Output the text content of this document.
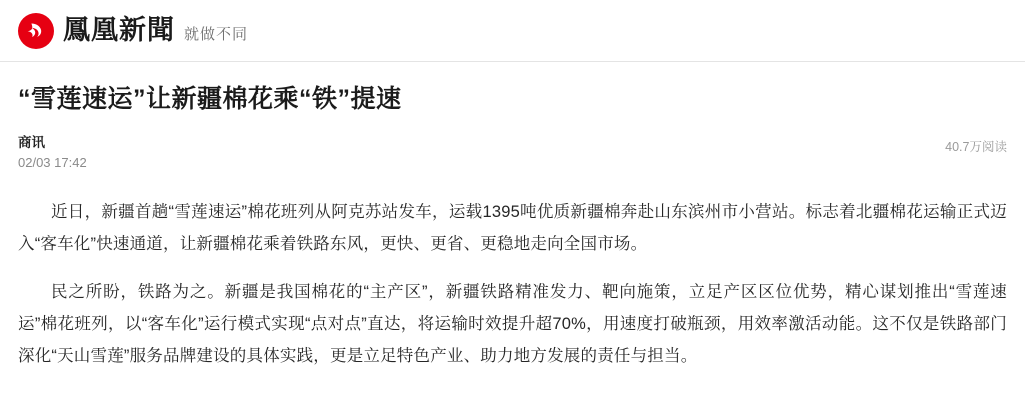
鳳凰新聞 就做不同
“雪莲速运”让新疆棉花乘“铁”提速
商讯
02/03 17:42
40.7万阅读

近日，新疆首趟“雪莲速运”棉花班列从阿克苏站发车，运载1395吨优质新疆棉奔赴山东滨州市小营站。标志着北疆棉花运输正式迈入“客车化”快速通道，让新疆棉花乘着铁路东风，更快、更省、更稳地走向全国市场。

民之所盼，铁路为之。新疆是我国棉花的“主产区”，新疆铁路精准发力、靶向施策，立足产区区位优势，精心谋划推出“雪莲速运”棉花班列，以“客车化”运行模式实现“点对点”直达，将运输时效提升超70%，用速度打破瓶颈，用效率激活动能。这不仅是铁路部门深化“天山雪莲”服务品牌建设的具体实践，更是立足特色产业、助力地方发展的责任与担当。
